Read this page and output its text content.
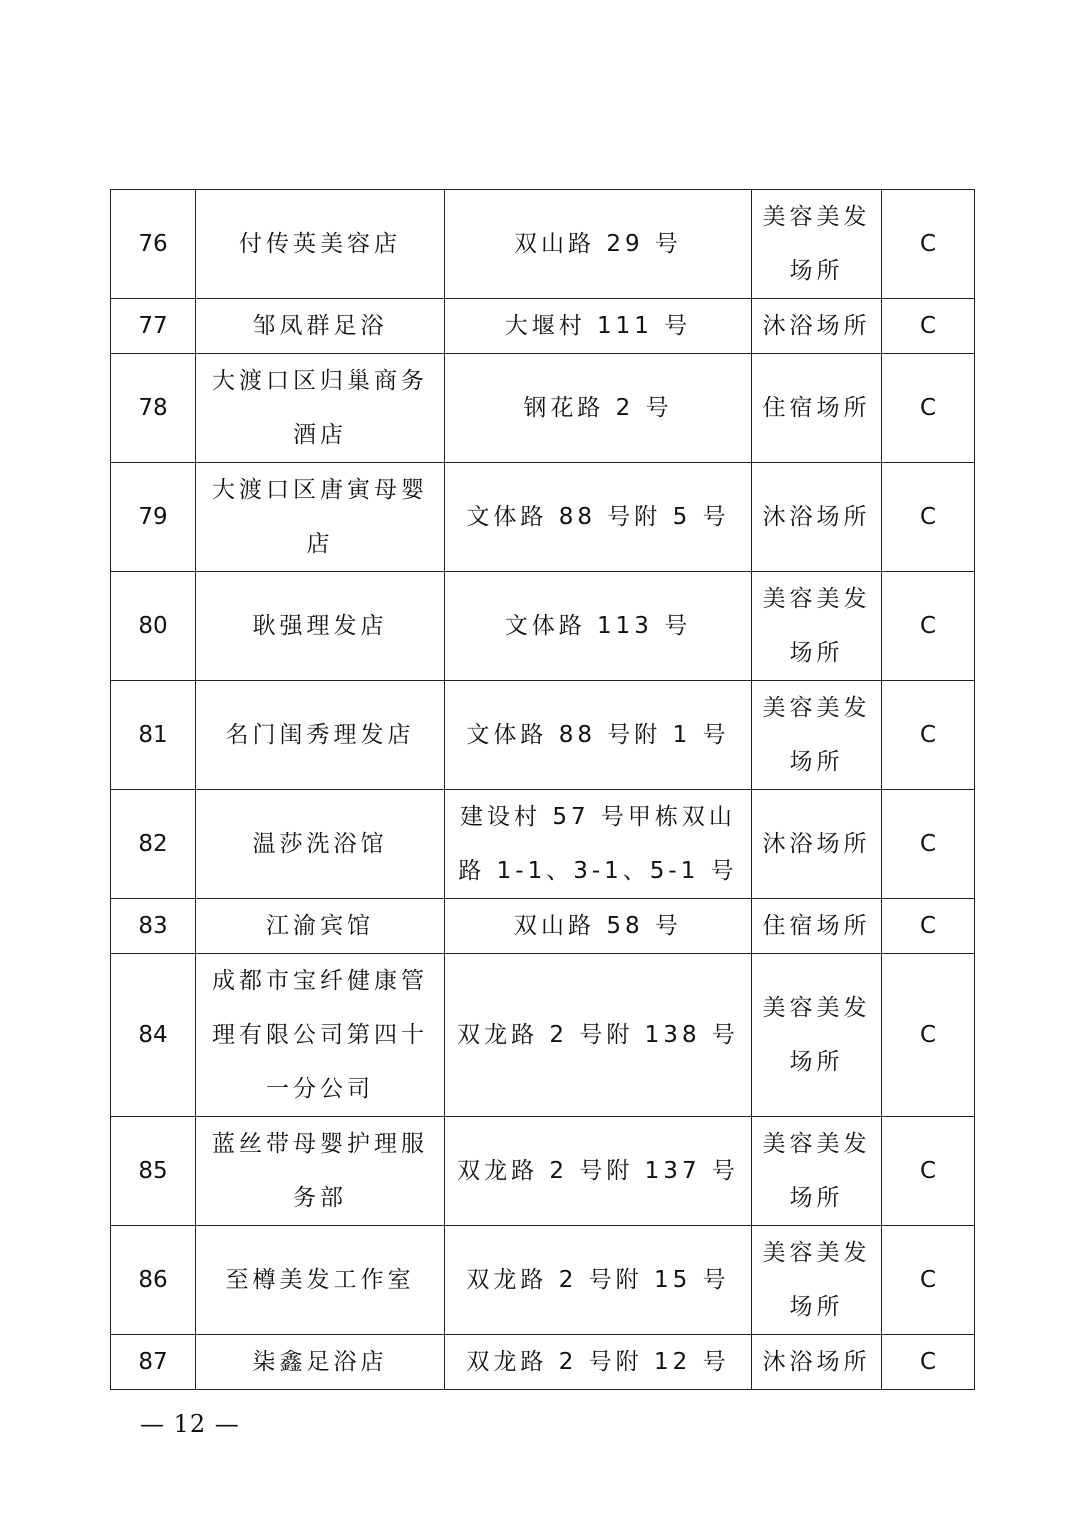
76	付传英美容店	双山路 29 号	美容美发场所	C
77	邹凤群足浴	大堰村 111 号	沐浴场所	C
78	大渡口区归巢商务酒店	钢花路 2 号	住宿场所	C
79	大渡口区唐寅母婴店	文体路 88 号附 5 号	沐浴场所	C
80	耿强理发店	文体路 113 号	美容美发场所	C
81	名门闺秀理发店	文体路 88 号附 1 号	美容美发场所	C
82	温莎洗浴馆	建设村 57 号甲栋双山路 1-1、3-1、5-1 号	沐浴场所	C
83	江渝宾馆	双山路 58 号	住宿场所	C
84	成都市宝纤健康管理有限公司第四十一分公司	双龙路 2 号附 138 号	美容美发场所	C
85	蓝丝带母婴护理服务部	双龙路 2 号附 137 号	美容美发场所	C
86	至樽美发工作室	双龙路 2 号附 15 号	美容美发场所	C
87	柒鑫足浴店	双龙路 2 号附 12 号	沐浴场所	C
— 12 —
